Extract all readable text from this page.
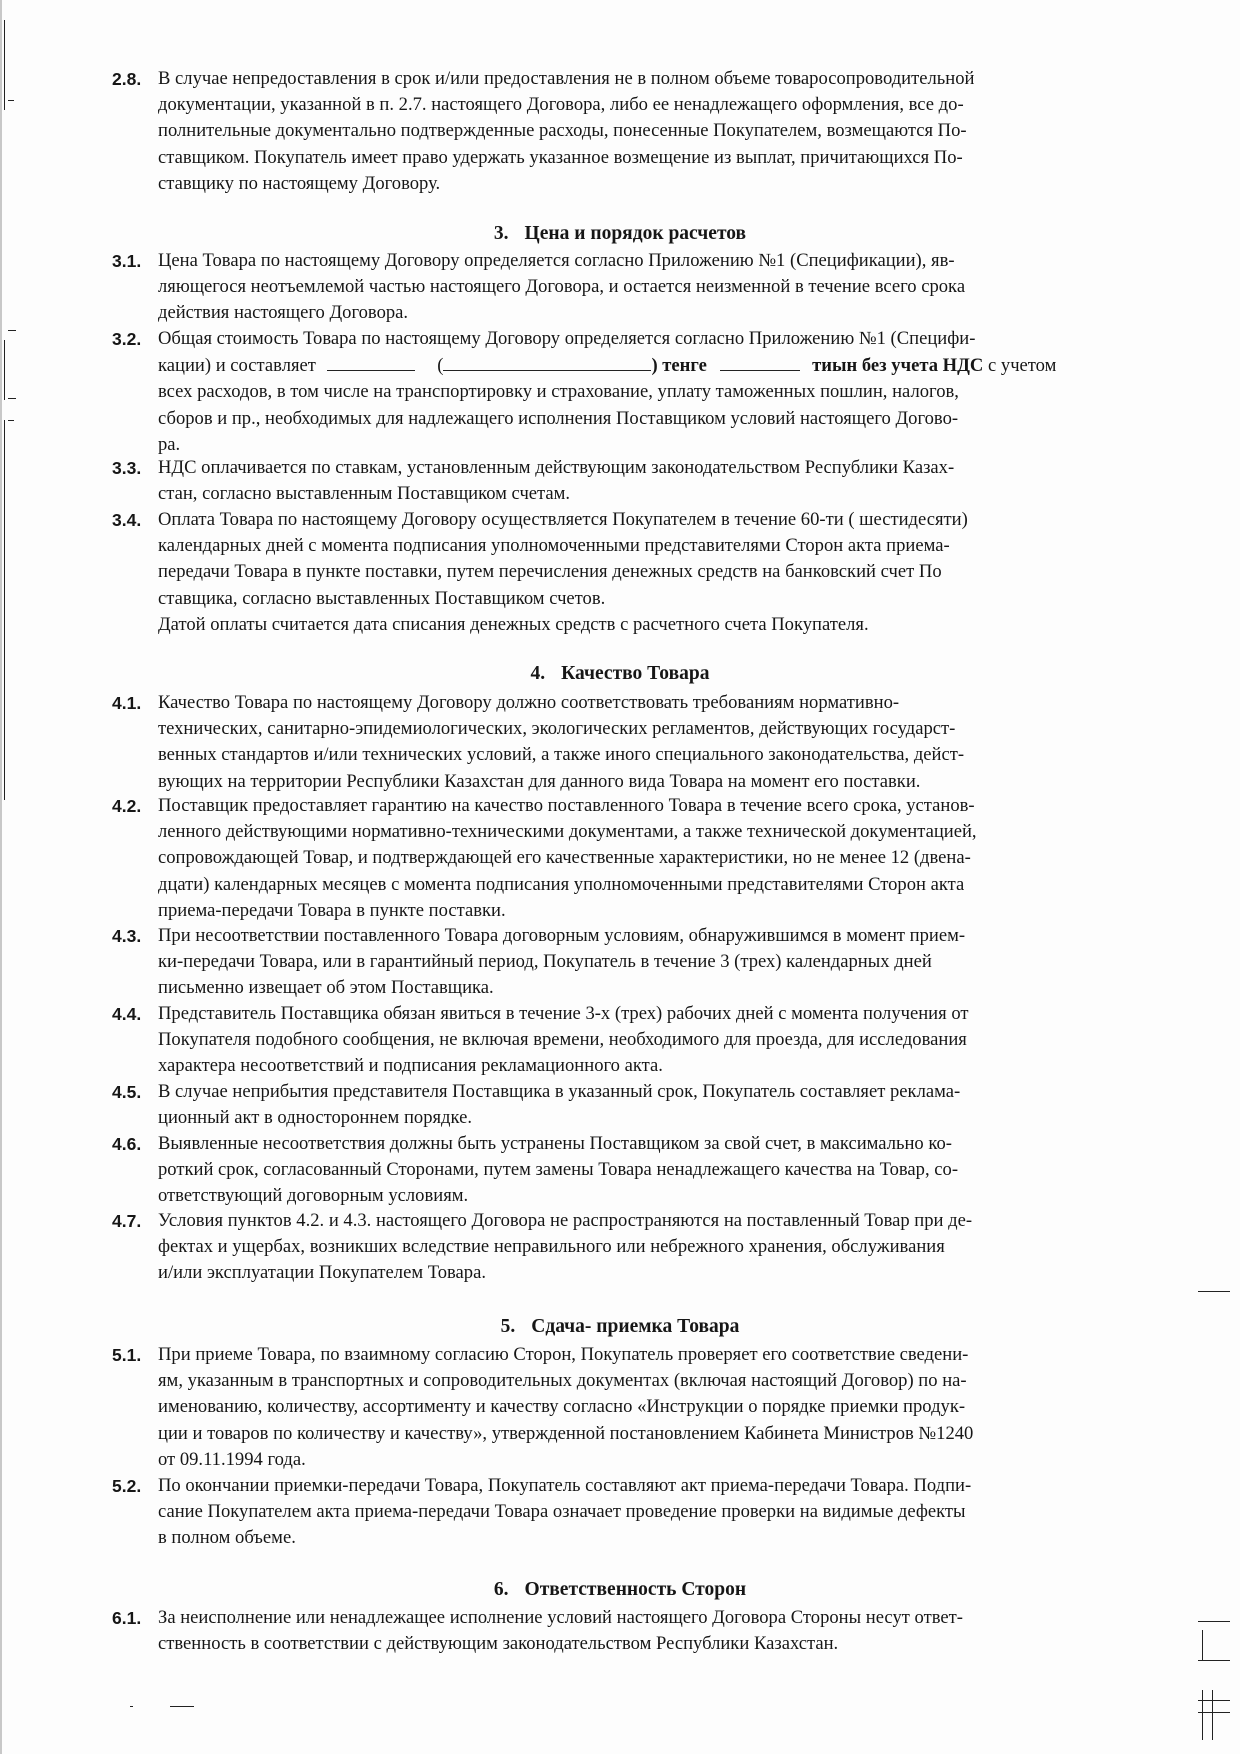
2.8. В случае непредоставления в срок и/или предоставления не в полном объеме товаросопроводительной
документации, указанной в п. 2.7. настоящего Договора, либо ее ненадлежащего оформления, все до-
полнительные документально подтвержденные расходы, понесенные Покупателем, возмещаются По-
ставщиком. Покупатель имеет право удержать указанное возмещение из выплат, причитающихся По-
ставщику по настоящему Договору.
3. Цена и порядок расчетов
3.1. Цена Товара по настоящему Договору определяется согласно Приложению №1 (Спецификации), яв-
ляющегося неотъемлемой частью настоящего Договора, и остается неизменной в течение всего срока
действия настоящего Договора.
3.2. Общая стоимость Товара по настоящему Договору определяется согласно Приложению №1 (Специфи-
кации) и составляет	(	) тенге	тиын без учета НДС с учетом
всех расходов, в том числе на транспортировку и страхование, уплату таможенных пошлин, налогов,
сборов и пр., необходимых для надлежащего исполнения Поставщиком условий настоящего Догово-
ра.
3.3. НДС оплачивается по ставкам, установленным действующим законодательством Республики Казах-
стан, согласно выставленным Поставщиком счетам.
3.4. Оплата Товара по настоящему Договору осуществляется Покупателем в течение 60-ти ( шестидесяти)
календарных дней с момента подписания уполномоченными представителями Сторон акта приема-
передачи Товара в пункте поставки, путем перечисления денежных средств на банковский счет По
ставщика, согласно выставленных Поставщиком счетов.
Датой оплаты считается дата списания денежных средств с расчетного счета Покупателя.
4. Качество Товара
4.1. Качество Товара по настоящему Договору должно соответствовать требованиям нормативно-
технических, санитарно-эпидемиологических, экологических регламентов, действующих государст-
венных стандартов и/или технических условий, а также иного специального законодательства, дейст-
вующих на территории Республики Казахстан для данного вида Товара на момент его поставки.
4.2. Поставщик предоставляет гарантию на качество поставленного Товара в течение всего срока, установ-
ленного действующими нормативно-техническими документами, а также технической документацией,
сопровождающей Товар, и подтверждающей его качественные характеристики, но не менее 12 (двена-
дцати) календарных месяцев с момента подписания уполномоченными представителями Сторон акта
приема-передачи Товара в пункте поставки.
4.3. При несоответствии поставленного Товара договорным условиям, обнаружившимся в момент прием-
ки-передачи Товара, или в гарантийный период, Покупатель в течение 3 (трех) календарных дней
письменно извещает об этом Поставщика.
4.4. Представитель Поставщика обязан явиться в течение 3-х (трех) рабочих дней с момента получения от
Покупателя подобного сообщения, не включая времени, необходимого для проезда, для исследования
характера несоответствий и подписания рекламационного акта.
4.5. В случае неприбытия представителя Поставщика в указанный срок, Покупатель составляет реклама-
ционный акт в одностороннем порядке.
4.6. Выявленные несоответствия должны быть устранены Поставщиком за свой счет, в максимально ко-
роткий срок, согласованный Сторонами, путем замены Товара ненадлежащего качества на Товар, со-
ответствующий договорным условиям.
4.7. Условия пунктов 4.2. и 4.3. настоящего Договора не распространяются на поставленный Товар при де-
фектах и ущербах, возникших вследствие неправильного или небрежного хранения, обслуживания
и/или эксплуатации Покупателем Товара.
5. Сдача- приемка Товара
5.1. При приеме Товара, по взаимному согласию Сторон, Покупатель проверяет его соответствие сведени-
ям, указанным в транспортных и сопроводительных документах (включая настоящий Договор) по на-
именованию, количеству, ассортименту и качеству согласно «Инструкции о порядке приемки продук-
ции и товаров по количеству и качеству», утвержденной постановлением Кабинета Министров №1240
от 09.11.1994 года.
5.2. По окончании приемки-передачи Товара, Покупатель составляют акт приема-передачи Товара. Подпи-
сание Покупателем акта приема-передачи Товара означает проведение проверки на видимые дефекты
в полном объеме.
6. Ответственность Сторон
6.1. За неисполнение или ненадлежащее исполнение условий настоящего Договора Стороны несут ответ-
ственность в соответствии с действующим законодательством Республики Казахстан.
